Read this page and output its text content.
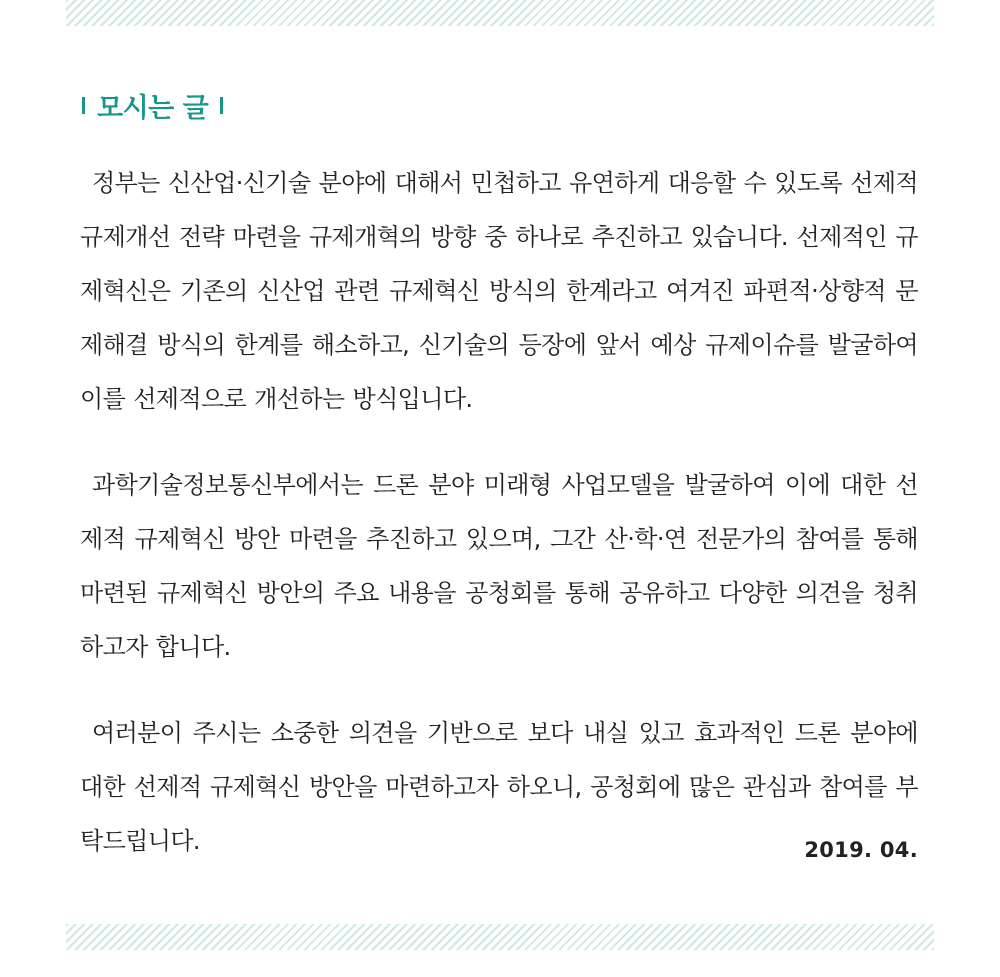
모시는 글

정부는 신산업·신기술 분야에 대해서 민첩하고 유연하게 대응할 수 있도록 선제적 규제개선 전략 마련을 규제개혁의 방향 중 하나로 추진하고 있습니다. 선제적인 규제혁신은 기존의 신산업 관련 규제혁신 방식의 한계라고 여겨진 파편적·상향적 문제해결 방식의 한계를 해소하고, 신기술의 등장에 앞서 예상 규제이슈를 발굴하여 이를 선제적으로 개선하는 방식입니다.

과학기술정보통신부에서는 드론 분야 미래형 사업모델을 발굴하여 이에 대한 선제적 규제혁신 방안 마련을 추진하고 있으며, 그간 산·학·연 전문가의 참여를 통해 마련된 규제혁신 방안의 주요 내용을 공청회를 통해 공유하고 다양한 의견을 청취하고자 합니다.

여러분이 주시는 소중한 의견을 기반으로 보다 내실 있고 효과적인 드론 분야에 대한 선제적 규제혁신 방안을 마련하고자 하오니, 공청회에 많은 관심과 참여를 부탁드립니다.	2019. 04.
